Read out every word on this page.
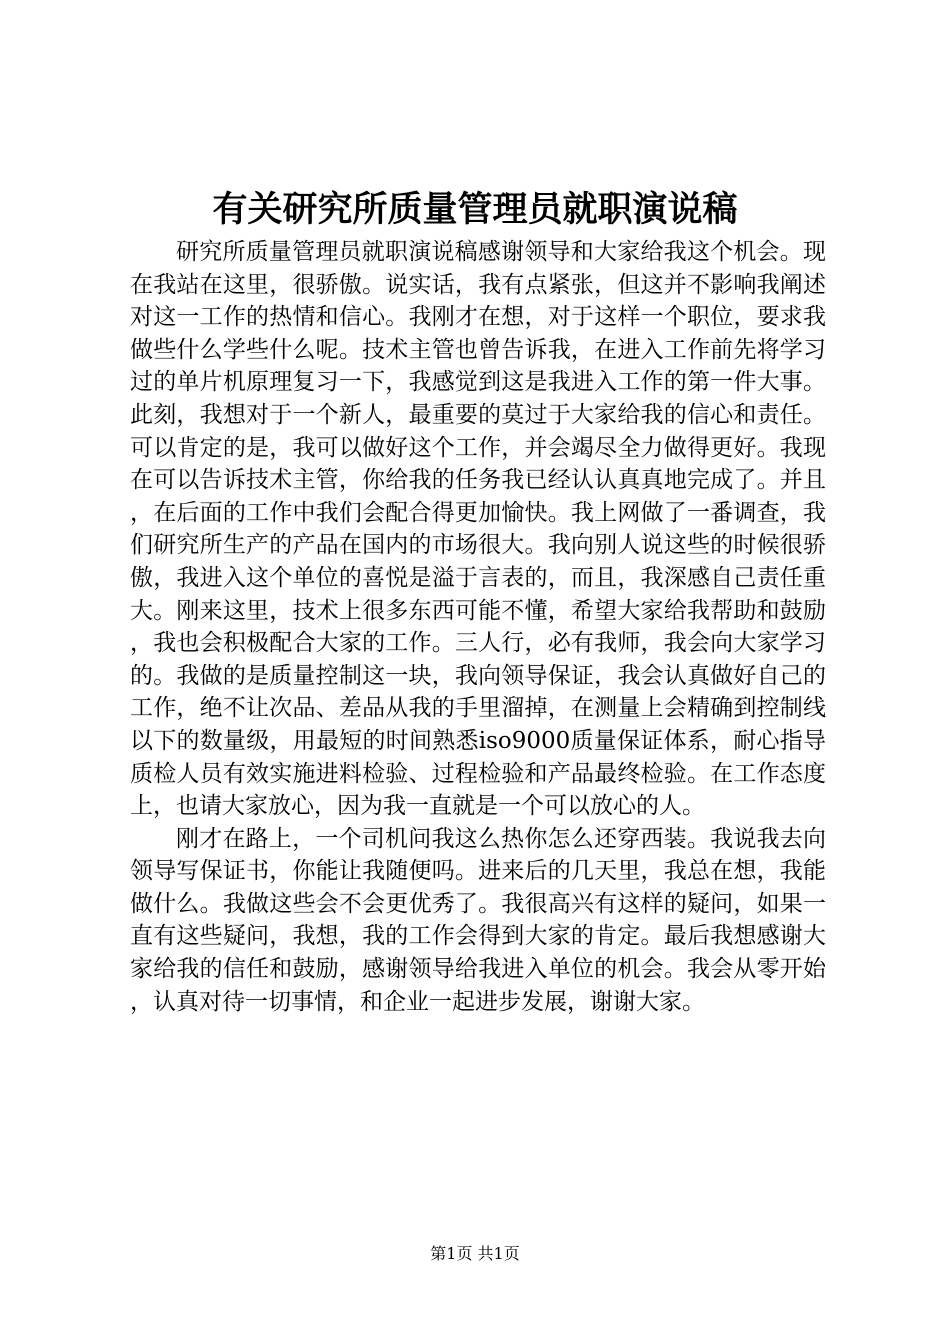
有关研究所质量管理员就职演说稿

研究所质量管理员就职演说稿感谢领导和大家给我这个机会。现在我站在这里，很骄傲。说实话，我有点紧张，但这并不影响我阐述对这一工作的热情和信心。我刚才在想，对于这样一个职位，要求我做些什么学些什么呢。技术主管也曾告诉我，在进入工作前先将学习过的单片机原理复习一下，我感觉到这是我进入工作的第一件大事。此刻，我想对于一个新人，最重要的莫过于大家给我的信心和责任。可以肯定的是，我可以做好这个工作，并会竭尽全力做得更好。我现在可以告诉技术主管，你给我的任务我已经认认真真地完成了。并且，在后面的工作中我们会配合得更加愉快。我上网做了一番调查，我们研究所生产的产品在国内的市场很大。我向别人说这些的时候很骄傲，我进入这个单位的喜悦是溢于言表的，而且，我深感自己责任重大。刚来这里，技术上很多东西可能不懂，希望大家给我帮助和鼓励，我也会积极配合大家的工作。三人行，必有我师，我会向大家学习的。我做的是质量控制这一块，我向领导保证，我会认真做好自己的工作，绝不让次品、差品从我的手里溜掉，在测量上会精确到控制线以下的数量级，用最短的时间熟悉iso9000质量保证体系，耐心指导质检人员有效实施进料检验、过程检验和产品最终检验。在工作态度上，也请大家放心，因为我一直就是一个可以放心的人。

刚才在路上，一个司机问我这么热你怎么还穿西装。我说我去向领导写保证书，你能让我随便吗。进来后的几天里，我总在想，我能做什么。我做这些会不会更优秀了。我很高兴有这样的疑问，如果一直有这些疑问，我想，我的工作会得到大家的肯定。最后我想感谢大家给我的信任和鼓励，感谢领导给我进入单位的机会。我会从零开始，认真对待一切事情，和企业一起进步发展，谢谢大家。

第1页 共1页
